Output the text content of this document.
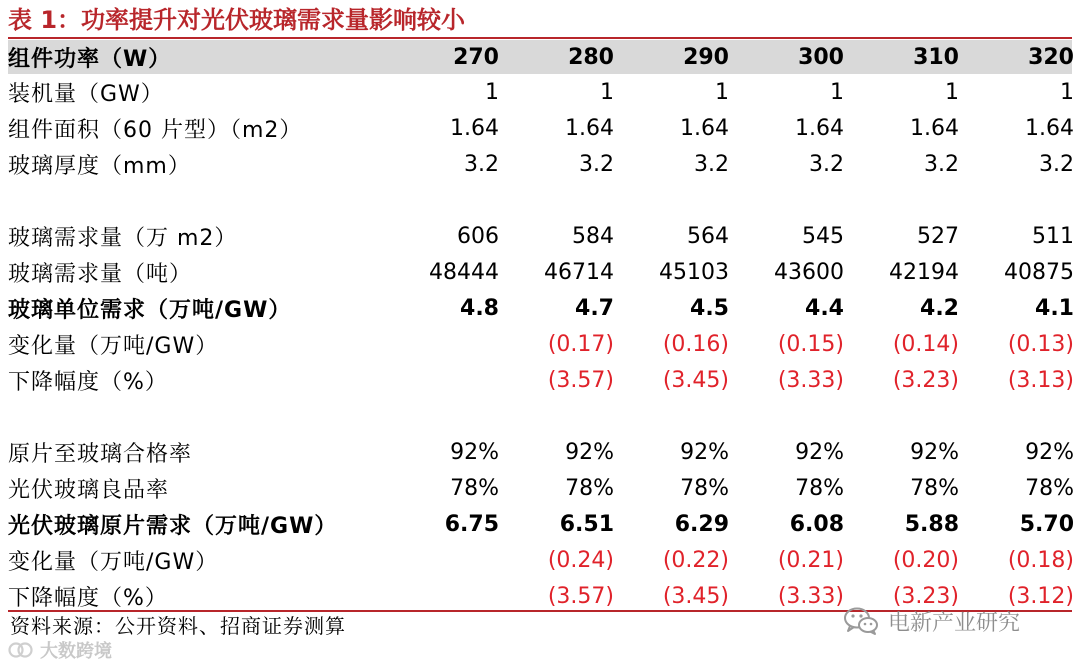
表 1：功率提升对光伏玻璃需求量影响较小
组件功率（W）	270	280	290	300	310	320
装机量（GW）	1	1	1	1	1	1
组件面积（60 片型）（m2）	1.64	1.64	1.64	1.64	1.64	1.64
玻璃厚度（mm）	3.2	3.2	3.2	3.2	3.2	3.2

玻璃需求量（万 m2）	606	584	564	545	527	511
玻璃需求量（吨）	48444	46714	45103	43600	42194	40875
玻璃单位需求（万吨/GW）	4.8	4.7	4.5	4.4	4.2	4.1
变化量（万吨/GW）		(0.17)	(0.16)	(0.15)	(0.14)	(0.13)
下降幅度（%）		(3.57)	(3.45)	(3.33)	(3.23)	(3.13)

原片至玻璃合格率	92%	92%	92%	92%	92%	92%
光伏玻璃良品率	78%	78%	78%	78%	78%	78%
光伏玻璃原片需求（万吨/GW）	6.75	6.51	6.29	6.08	5.88	5.70
变化量（万吨/GW）		(0.24)	(0.22)	(0.21)	(0.20)	(0.18)
下降幅度（%）		(3.57)	(3.45)	(3.33)	(3.23)	(3.12)
资料来源：公开资料、招商证券测算	电新产业研究
大数跨境
